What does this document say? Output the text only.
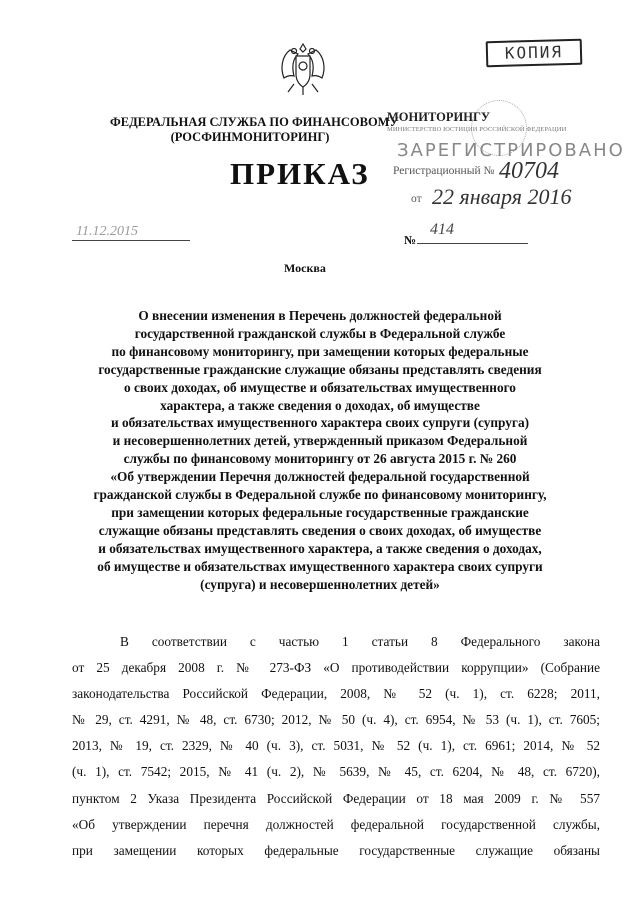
КОПИЯ
ФЕДЕРАЛЬНАЯ СЛУЖБА ПО ФИНАНСОВОМУ
(РОСФИНМОНИТОРИНГ)
МОНИТОРИНГУ
МИНИСТЕРСТВО ЮСТИЦИИ РОССИЙСКОЙ ФЕДЕРАЦИИ
ЗАРЕГИСТРИРОВАНО
Регистрационный № 40704
от 22 января 2016
ПРИКАЗ
11.12.2015
№
414
Москва
О внесении изменения в Перечень должностей федеральной
государственной гражданской службы в Федеральной службе
по финансовому мониторингу, при замещении которых федеральные
государственные гражданские служащие обязаны представлять сведения
о своих доходах, об имуществе и обязательствах имущественного
характера, а также сведения о доходах, об имуществе
и обязательствах имущественного характера своих супруги (супруга)
и несовершеннолетних детей, утвержденный приказом Федеральной
службы по финансовому мониторингу от 26 августа 2015 г. № 260
«Об утверждении Перечня должностей федеральной государственной
гражданской службы в Федеральной службе по финансовому мониторингу,
при замещении которых федеральные государственные гражданские
служащие обязаны представлять сведения о своих доходах, об имуществе
и обязательствах имущественного характера, а также сведения о доходах,
об имуществе и обязательствах имущественного характера своих супруги
(супруга) и несовершеннолетних детей»
В соответствии с частью 1 статьи 8 Федерального закона
от 25 декабря 2008 г. № 273-ФЗ «О противодействии коррупции» (Собрание
законодательства Российской Федерации, 2008, № 52 (ч. 1), ст. 6228; 2011,
№ 29, ст. 4291, № 48, ст. 6730; 2012, № 50 (ч. 4), ст. 6954, № 53 (ч. 1), ст. 7605;
2013, № 19, ст. 2329, № 40 (ч. 3), ст. 5031, № 52 (ч. 1), ст. 6961; 2014, № 52
(ч. 1), ст. 7542; 2015, № 41 (ч. 2), № 5639, № 45, ст. 6204, № 48, ст. 6720),
пунктом 2 Указа Президента Российской Федерации от 18 мая 2009 г. № 557
«Об утверждении перечня должностей федеральной государственной службы,
при замещении которых федеральные государственные служащие обязаны
